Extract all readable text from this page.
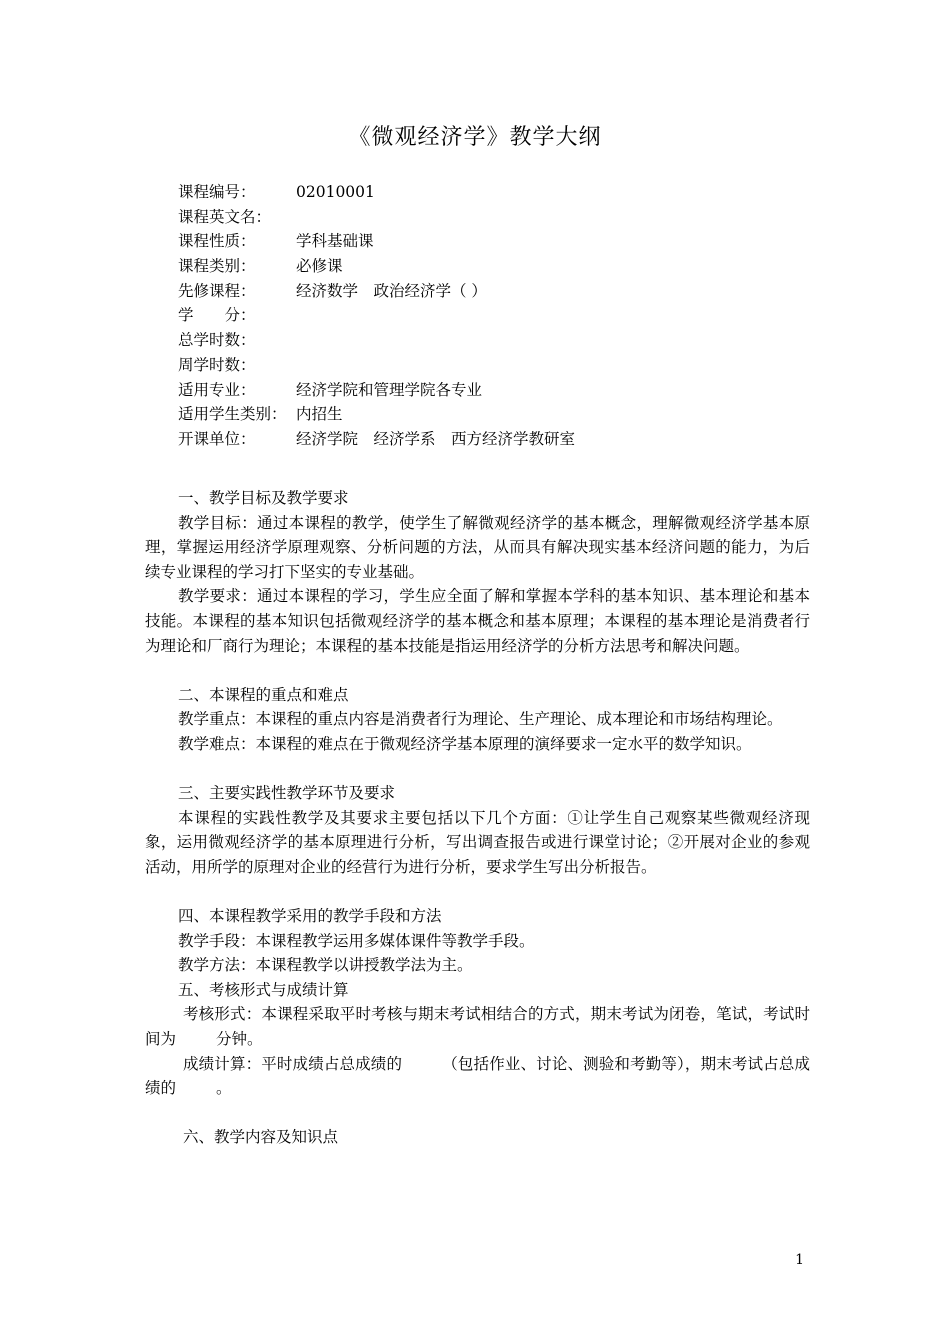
《微观经济学》教学大纲
课程编号：	02010001
课程英文名：
课程性质：	学科基础课
课程类别：	必修课
先修课程：	经济数学　政治经济学（ ）
学　　分：
总学时数：
周学时数：
适用专业：	经济学院和管理学院各专业
适用学生类别： 内招生
开课单位：	经济学院　经济学系　西方经济学教研室
一、教学目标及教学要求
教学目标：通过本课程的教学，使学生了解微观经济学的基本概念，理解微观经济学基本原理，掌握运用经济学原理观察、分析问题的方法，从而具有解决现实基本经济问题的能力，为后续专业课程的学习打下坚实的专业基础。
教学要求：通过本课程的学习，学生应全面了解和掌握本学科的基本知识、基本理论和基本技能。本课程的基本知识包括微观经济学的基本概念和基本原理；本课程的基本理论是消费者行为理论和厂商行为理论；本课程的基本技能是指运用经济学的分析方法思考和解决问题。
二、本课程的重点和难点
教学重点：本课程的重点内容是消费者行为理论、生产理论、成本理论和市场结构理论。
教学难点：本课程的难点在于微观经济学基本原理的演绎要求一定水平的数学知识。
三、主要实践性教学环节及要求
本课程的实践性教学及其要求主要包括以下几个方面：①让学生自己观察某些微观经济现象，运用微观经济学的基本原理进行分析，写出调查报告或进行课堂讨论；②开展对企业的参观活动，用所学的原理对企业的经营行为进行分析，要求学生写出分析报告。
四、本课程教学采用的教学手段和方法
教学手段：本课程教学运用多媒体课件等教学手段。
教学方法：本课程教学以讲授教学法为主。
五、考核形式与成绩计算
考核形式：本课程采取平时考核与期末考试相结合的方式，期末考试为闭卷，笔试，考试时间为	分钟。
成绩计算：平时成绩占总成绩的	（包括作业、讨论、测验和考勤等），期末考试占总成绩的	。
六、教学内容及知识点
1
